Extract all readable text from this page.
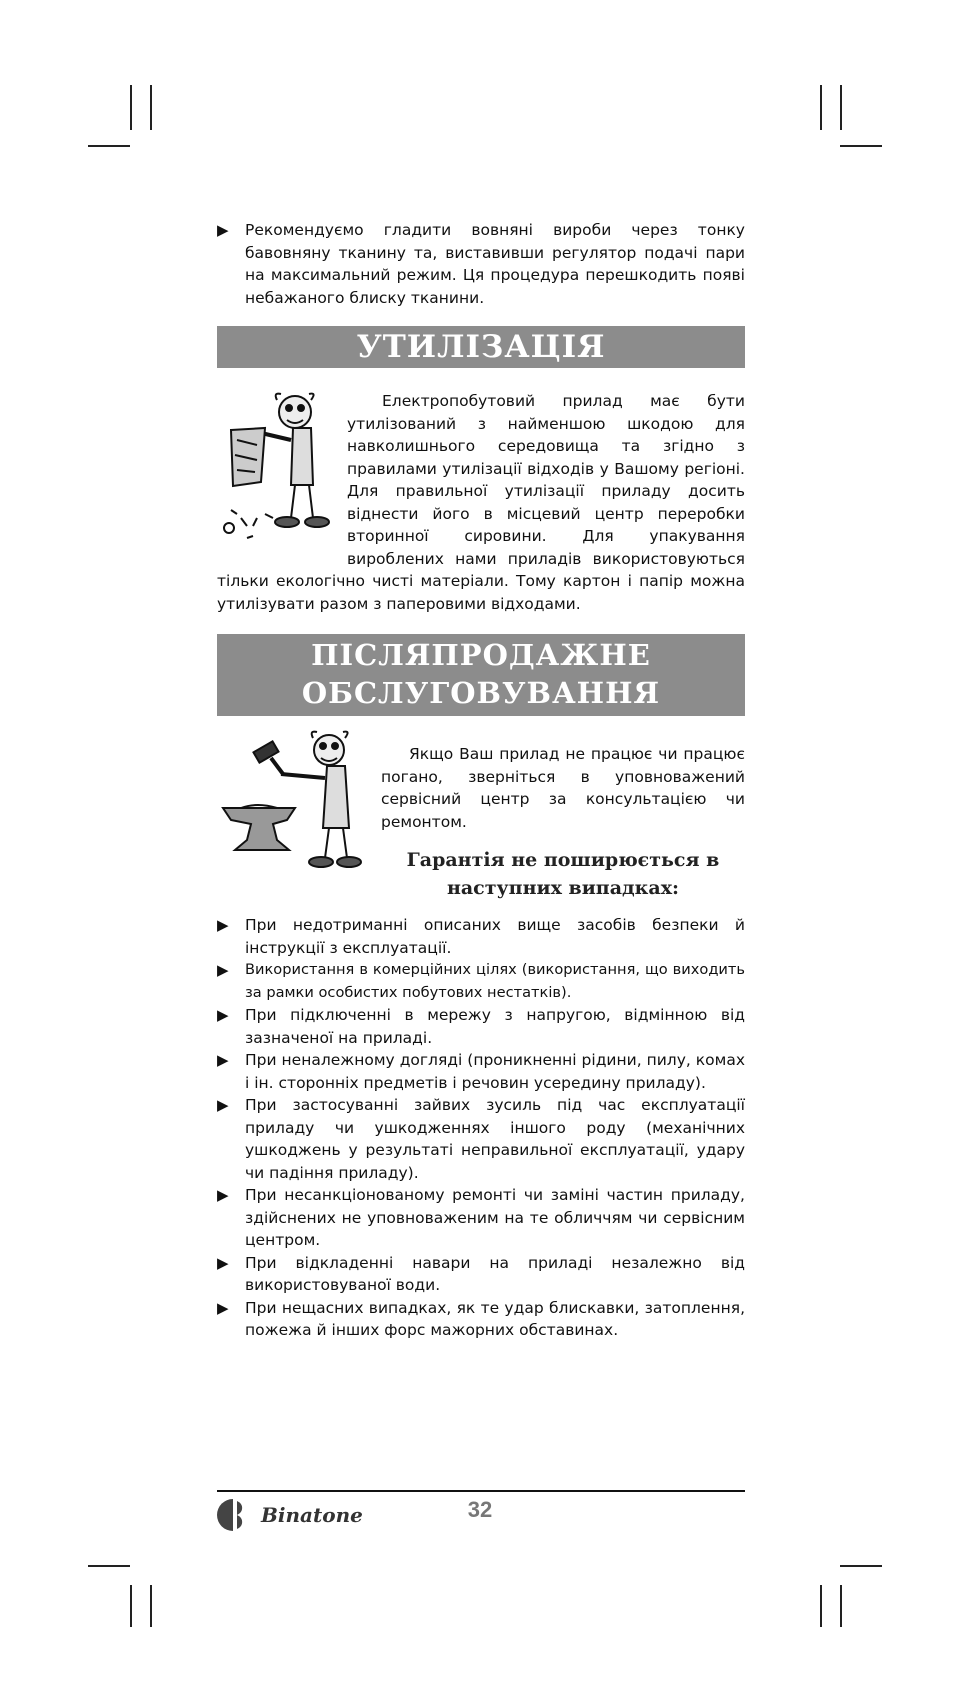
▶	Рекомендуємо гладити вовняні вироби через тонку бавовняну тканину та, виставивши регулятор подачі пари на максимальний режим. Ця процедура перешкодить появі небажаного блиску тканини.
УТИЛІЗАЦІЯ
Електропобутовий прилад має бути утилізований з найменшою шкодою для навколишнього середовища та згідно з правилами утилізації відходів у Вашому регіоні. Для правильної утилізації приладу досить віднести його в місцевий центр переробки вторинної сировини. Для упакування вироблених нами приладів використовуються тільки екологічно чисті матеріали. Тому картон і папір можна утилізувати разом з паперовими відходами.
ПІСЛЯПРОДАЖНЕ
ОБСЛУГОВУВАННЯ
Якщо Ваш прилад не працює чи працює погано, зверніться в уповноважений сервісний центр за консультацією чи ремонтом.
Гарантія не поширюється в
наступних випадках:
▶	При недотриманні описаних вище засобів безпеки й інструкції з експлуатації.
▶	Використання в комерційних цілях (використання, що виходить за рамки особистих побутових нестатків).
▶	При підключенні в мережу з напругою, відмінною від зазначеної на приладі.
▶	При неналежному догляді (проникненні рідини, пилу, комах і ін. сторонніх предметів і речовин усередину приладу).
▶	При застосуванні зайвих зусиль під час експлуатації приладу чи ушкодженнях іншого роду (механічних ушкоджень у результаті неправильної експлуатації, удару чи падіння приладу).
▶	При несанкціонованому ремонті чи заміні частин приладу, здійснених не уповноваженим на те обличчям чи сервісним центром.
▶	При відкладенні навари на приладі незалежно від використовуваної води.
▶	При нещасних випадках, як те удар блискавки, затоплення, пожежа й інших форс мажорних обставинах.
Binatone	32
